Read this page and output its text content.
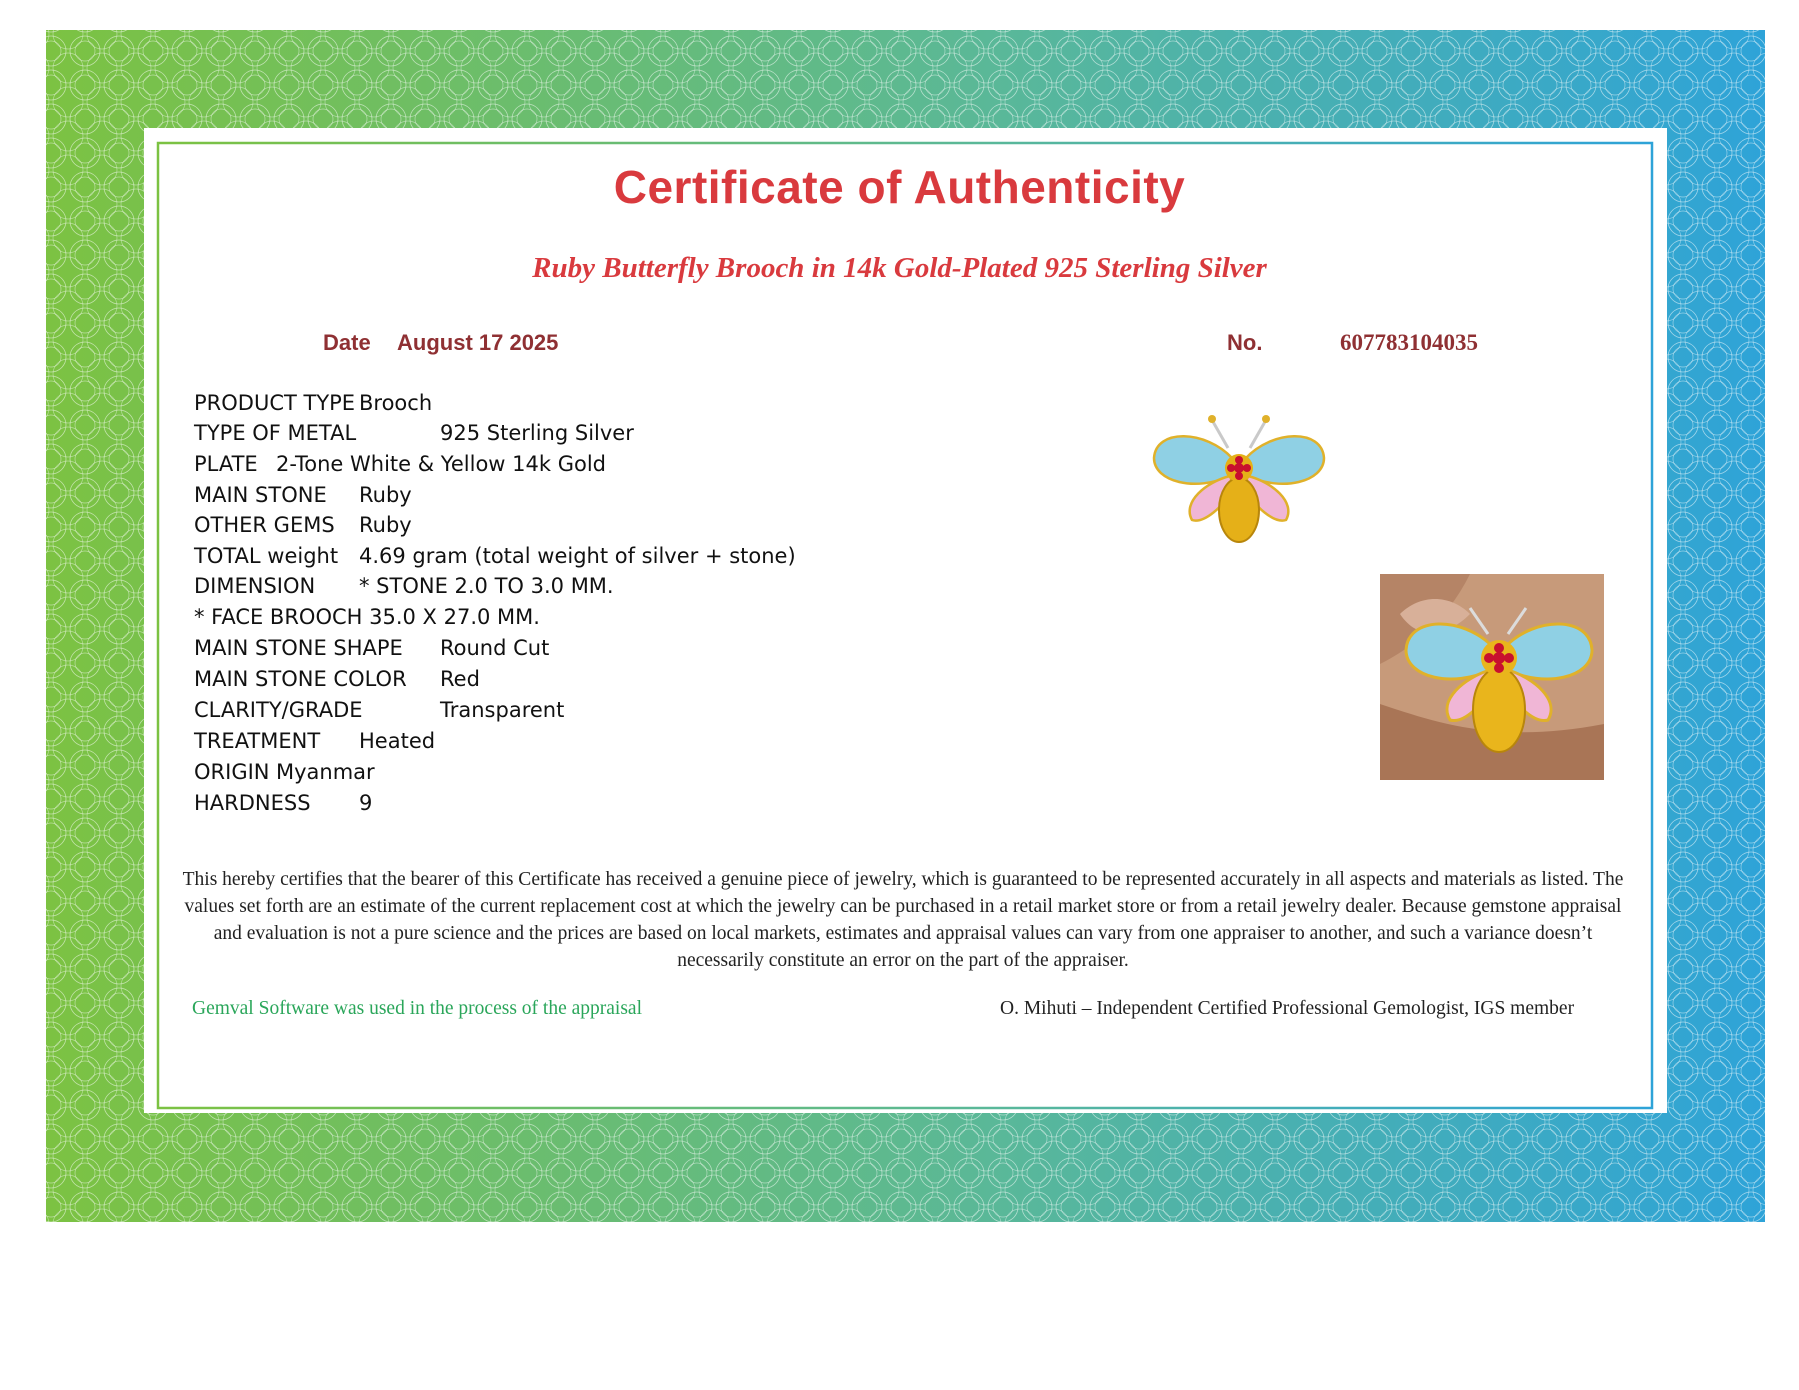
Certificate of Authenticity
Ruby Butterfly Brooch in 14k Gold-Plated 925 Sterling Silver
Date August 17 2025	No.	607783104035
PRODUCT TYPE Brooch
TYPE OF METAL	925 Sterling Silver
PLATE 2-Tone White & Yellow 14k Gold
MAIN STONE Ruby
OTHER GEMS Ruby
TOTAL weight 4.69 gram (total weight of silver + stone)
DIMENSION * STONE 2.0 TO 3.0 MM.
* FACE BROOCH 35.0 X 27.0 MM.
MAIN STONE SHAPE Round Cut
MAIN STONE COLOR Red
CLARITY/GRADE	Transparent
TREATMENT Heated
ORIGIN Myanmar
HARDNESS 9
This hereby certifies that the bearer of this Certificate has received a genuine piece of jewelry, which is guaranteed to be represented accurately in all aspects and materials as listed. The values set forth are an estimate of the current replacement cost at which the jewelry can be purchased in a retail market store or from a retail jewelry dealer. Because gemstone appraisal and evaluation is not a pure science and the prices are based on local markets, estimates and appraisal values can vary from one appraiser to another, and such a variance doesn’t necessarily constitute an error on the part of the appraiser.
Gemval Software was used in the process of the appraisal	O. Mihuti – Independent Certified Professional Gemologist, IGS member
